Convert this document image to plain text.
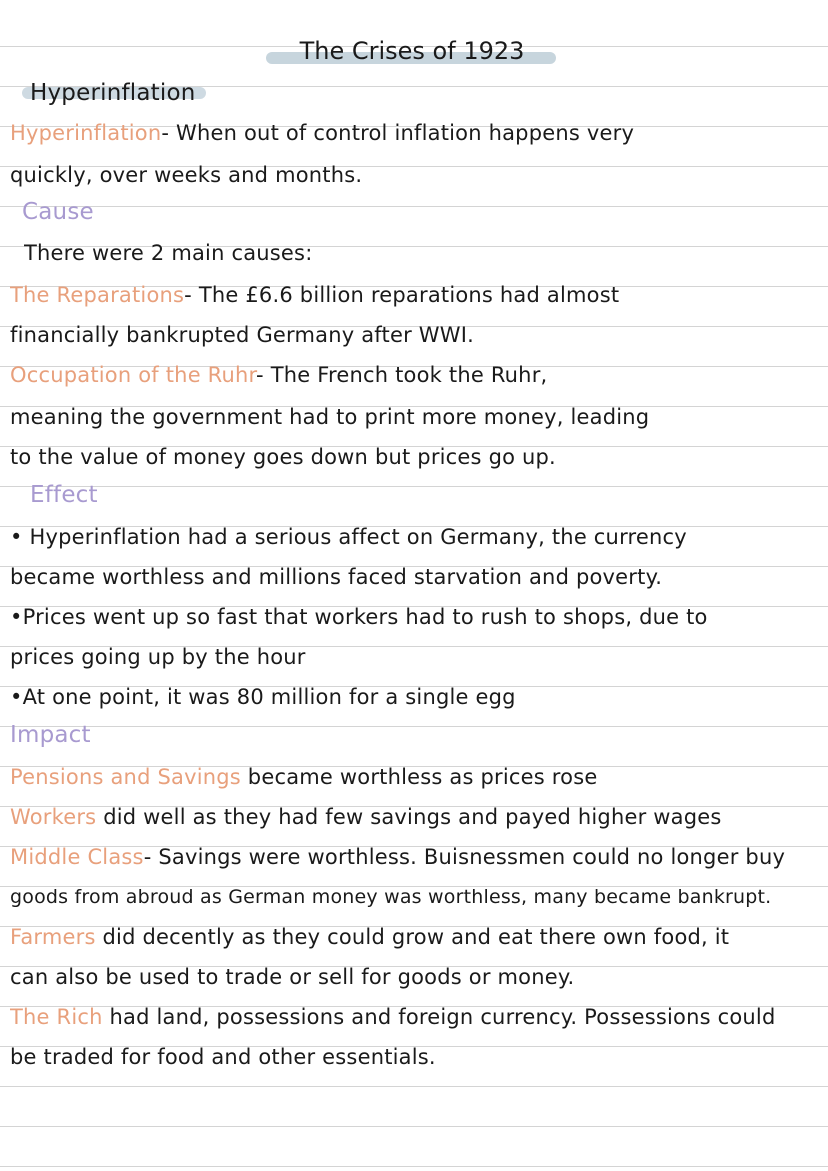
The Crises of 1923
Hyperinflation
Hyperinflation- When out of control inflation happens very
quickly, over weeks and months.
Cause
There were 2 main causes:
The Reparations- The £6.6 billion reparations had almost
financially bankrupted Germany after WWI.
Occupation of the Ruhr- The French took the Ruhr,
meaning the government had to print more money, leading
to the value of money goes down but prices go up.
Effect
• Hyperinflation had a serious affect on Germany, the currency
became worthless and millions faced starvation and poverty.
•Prices went up so fast that workers had to rush to shops, due to
prices going up by the hour
•At one point, it was 80 million for a single egg
Impact
Pensions and Savings became worthless as prices rose
Workers did well as they had few savings and payed higher wages
Middle Class- Savings were worthless. Buisnessmen could no longer buy
goods from abroud as German money was worthless, many became bankrupt.
Farmers did decently as they could grow and eat there own food, it
can also be used to trade or sell for goods or money.
The Rich had land, possessions and foreign currency. Possessions could
be traded for food and other essentials.
